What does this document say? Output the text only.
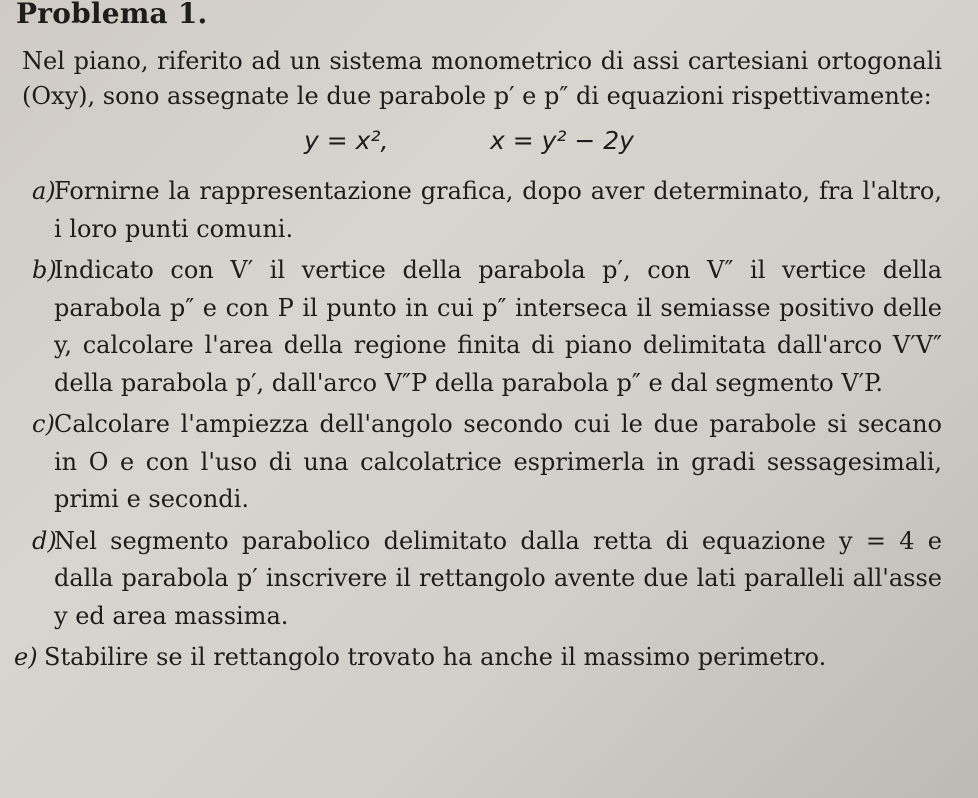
Problema 1.

Nel piano, riferito ad un sistema monometrico di assi cartesiani ortogonali (Oxy), sono assegnate le due parabole p′ e p″ di equazioni rispettivamente:

y = x²,	x = y² − 2y
a)
Fornirne la rappresentazione grafica, dopo aver determinato, fra l'altro, i loro punti comuni.
b)
Indicato con V′ il vertice della parabola p′, con V″ il vertice della parabola p″ e con P il punto in cui p″ interseca il semiasse positivo delle y, calcolare l'area della regione finita di piano delimitata dall'arco V′V″ della parabola p′, dall'arco V″P della parabola p″ e dal segmento V′P.
c) Calcolare l'ampiezza dell'angolo secondo cui le due parabole si secano in O e con l'uso di una calcolatrice esprimerla in gradi sessagesimali, primi e secondi.
d)
Nel segmento parabolico delimitato dalla retta di equazione y = 4 e dalla parabola p′ inscrivere il rettangolo avente due lati paralleli all'asse y ed area massima.
e) Stabilire se il rettangolo trovato ha anche il massimo perimetro.
